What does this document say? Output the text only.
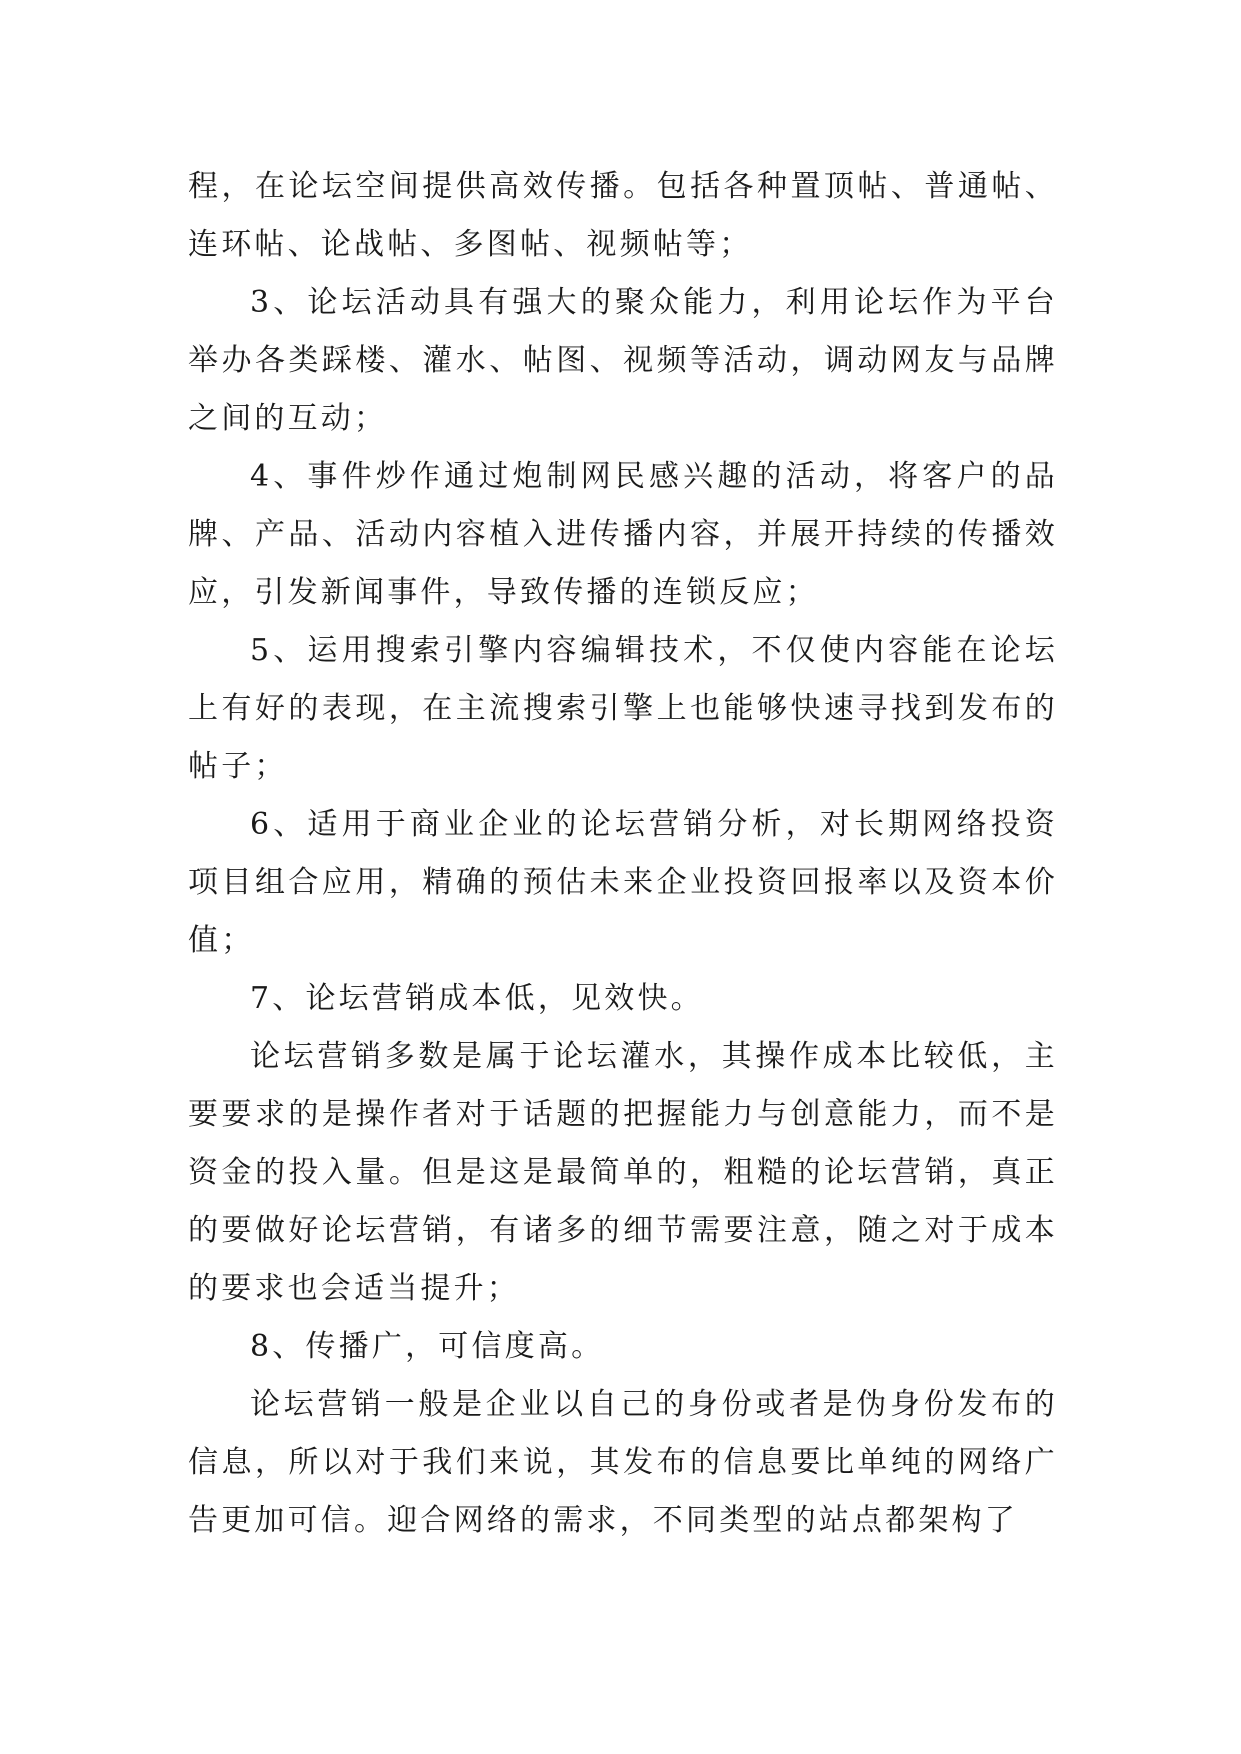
程，在论坛空间提供高效传播。包括各种置顶帖、普通帖、连环帖、论战帖、多图帖、视频帖等；

3、论坛活动具有强大的聚众能力，利用论坛作为平台举办各类踩楼、灌水、帖图、视频等活动，调动网友与品牌之间的互动；

4、事件炒作通过炮制网民感兴趣的活动，将客户的品牌、产品、活动内容植入进传播内容，并展开持续的传播效应，引发新闻事件，导致传播的连锁反应；

5、运用搜索引擎内容编辑技术，不仅使内容能在论坛上有好的表现，在主流搜索引擎上也能够快速寻找到发布的帖子；

6、适用于商业企业的论坛营销分析，对长期网络投资项目组合应用，精确的预估未来企业投资回报率以及资本价值；

7、论坛营销成本低，见效快。

论坛营销多数是属于论坛灌水，其操作成本比较低，主要要求的是操作者对于话题的把握能力与创意能力，而不是资金的投入量。但是这是最简单的，粗糙的论坛营销，真正的要做好论坛营销，有诸多的细节需要注意，随之对于成本的要求也会适当提升；

8、传播广，可信度高。

论坛营销一般是企业以自己的身份或者是伪身份发布的信息，所以对于我们来说，其发布的信息要比单纯的网络广告更加可信。迎合网络的需求，不同类型的站点都架构了
